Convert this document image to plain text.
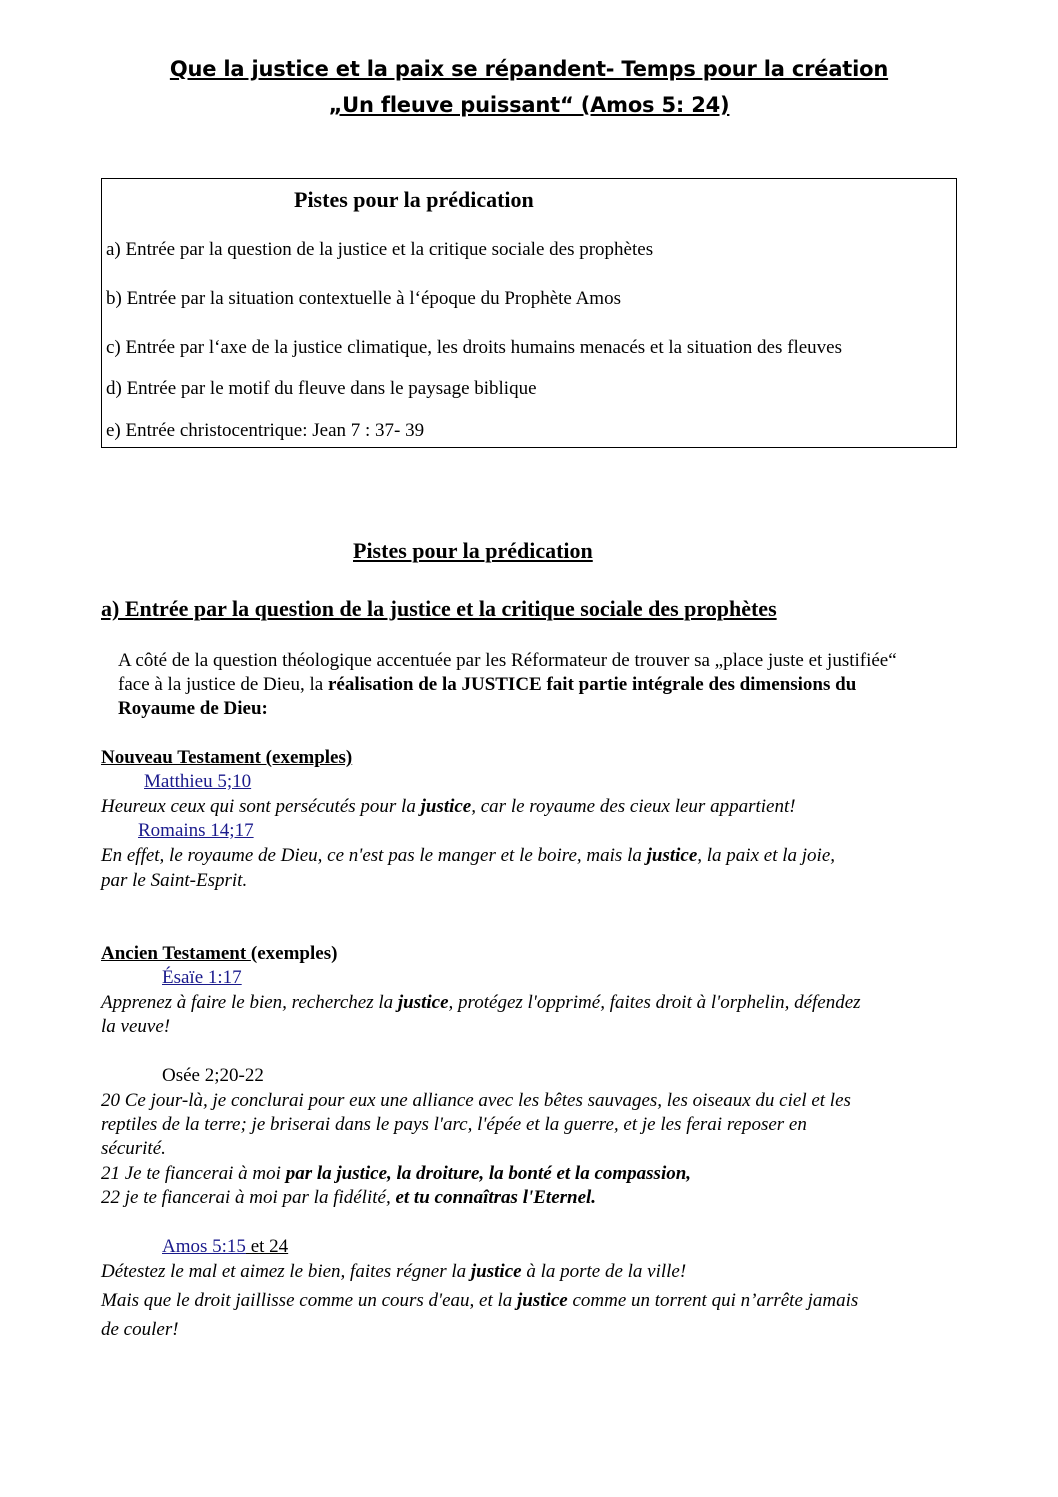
Que la justice et la paix se répandent- Temps pour la création
„Un fleuve puissant“ (Amos 5: 24)
Pistes pour la prédication
a) Entrée par la question de la justice et la critique sociale des prophètes
b) Entrée par la situation contextuelle à l‘époque du Prophète Amos
c) Entrée par l‘axe de la justice climatique, les droits humains menacés et la situation des fleuves
d) Entrée par le motif du fleuve dans le paysage biblique
e) Entrée christocentrique: Jean 7 : 37- 39
Pistes pour la prédication
a) Entrée par la question de la justice et la critique sociale des prophètes
A côté de la question théologique accentuée par les Réformateur de trouver sa „place juste et justifiée“ face à la justice de Dieu, la réalisation de la JUSTICE fait partie intégrale des dimensions du Royaume de Dieu:
Nouveau Testament (exemples)
Matthieu 5;10
Heureux ceux qui sont persécutés pour la justice, car le royaume des cieux leur appartient!
Romains 14;17
En effet, le royaume de Dieu, ce n'est pas le manger et le boire, mais la justice, la paix et la joie,
par le Saint-Esprit.
Ancien Testament (exemples)
Ésaïe 1:17
Apprenez à faire le bien, recherchez la justice, protégez l'opprimé, faites droit à l'orphelin, défendez
la veuve!
Osée 2;20-22
20 Ce jour-là, je conclurai pour eux une alliance avec les bêtes sauvages, les oiseaux du ciel et les
reptiles de la terre; je briserai dans le pays l'arc, l'épée et la guerre, et je les ferai reposer en
sécurité.
21 Je te fiancerai à moi par la justice, la droiture, la bonté et la compassion,
22 je te fiancerai à moi par la fidélité, et tu connaîtras l'Eternel.
Amos 5:15 et 24
Détestez le mal et aimez le bien, faites régner la justice à la porte de la ville!
Mais que le droit jaillisse comme un cours d'eau, et la justice comme un torrent qui n’arrête jamais
de couler!
